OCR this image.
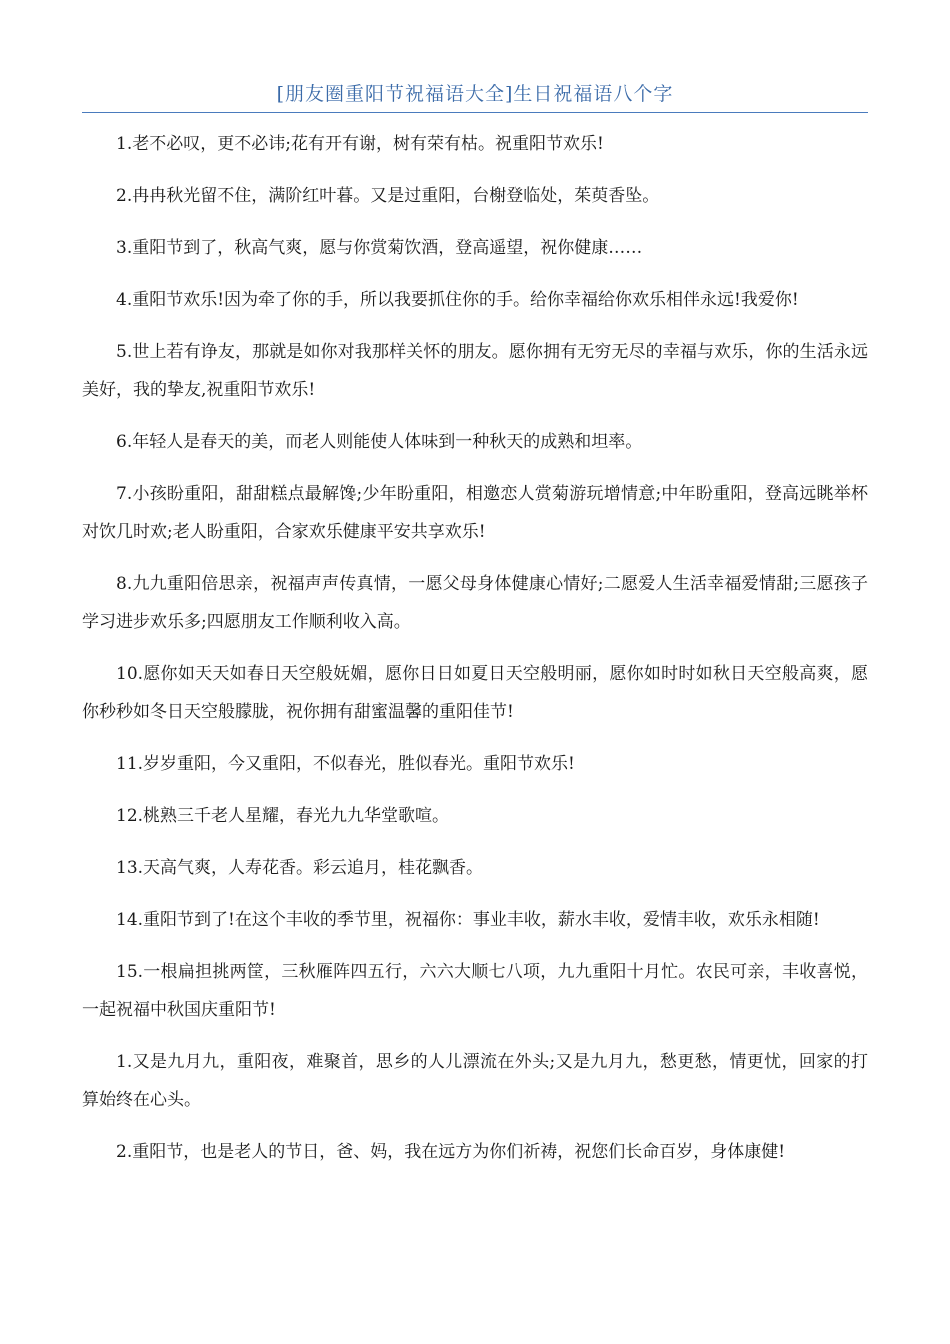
[朋友圈重阳节祝福语大全]生日祝福语八个字

1.老不必叹，更不必讳;花有开有谢，树有荣有枯。祝重阳节欢乐!

2.冉冉秋光留不住，满阶红叶暮。又是过重阳，台榭登临处，茱萸香坠。

3.重阳节到了，秋高气爽，愿与你赏菊饮酒，登高遥望，祝你健康……

4.重阳节欢乐!因为牵了你的手，所以我要抓住你的手。给你幸福给你欢乐相伴永远!我爱你!

5.世上若有诤友，那就是如你对我那样关怀的朋友。愿你拥有无穷无尽的幸福与欢乐，你的生活永远美好，我的挚友,祝重阳节欢乐!

6.年轻人是春天的美，而老人则能使人体味到一种秋天的成熟和坦率。

7.小孩盼重阳，甜甜糕点最解馋;少年盼重阳，相邀恋人赏菊游玩增情意;中年盼重阳，登高远眺举杯对饮几时欢;老人盼重阳，合家欢乐健康平安共享欢乐!

8.九九重阳倍思亲，祝福声声传真情，一愿父母身体健康心情好;二愿爱人生活幸福爱情甜;三愿孩子学习进步欢乐多;四愿朋友工作顺利收入高。

10.愿你如天天如春日天空般妩媚，愿你日日如夏日天空般明丽，愿你如时时如秋日天空般高爽，愿你秒秒如冬日天空般朦胧，祝你拥有甜蜜温馨的重阳佳节!

11.岁岁重阳，今又重阳，不似春光，胜似春光。重阳节欢乐!

12.桃熟三千老人星耀，春光九九华堂歌喧。

13.天高气爽，人寿花香。彩云追月，桂花飘香。

14.重阳节到了!在这个丰收的季节里，祝福你：事业丰收，薪水丰收，爱情丰收，欢乐永相随!

15.一根扁担挑两筐，三秋雁阵四五行，六六大顺七八项，九九重阳十月忙。农民可亲，丰收喜悦，一起祝福中秋国庆重阳节!

1.又是九月九，重阳夜，难聚首，思乡的人儿漂流在外头;又是九月九，愁更愁，情更忧，回家的打算始终在心头。

2.重阳节，也是老人的节日，爸、妈，我在远方为你们祈祷，祝您们长命百岁，身体康健!
